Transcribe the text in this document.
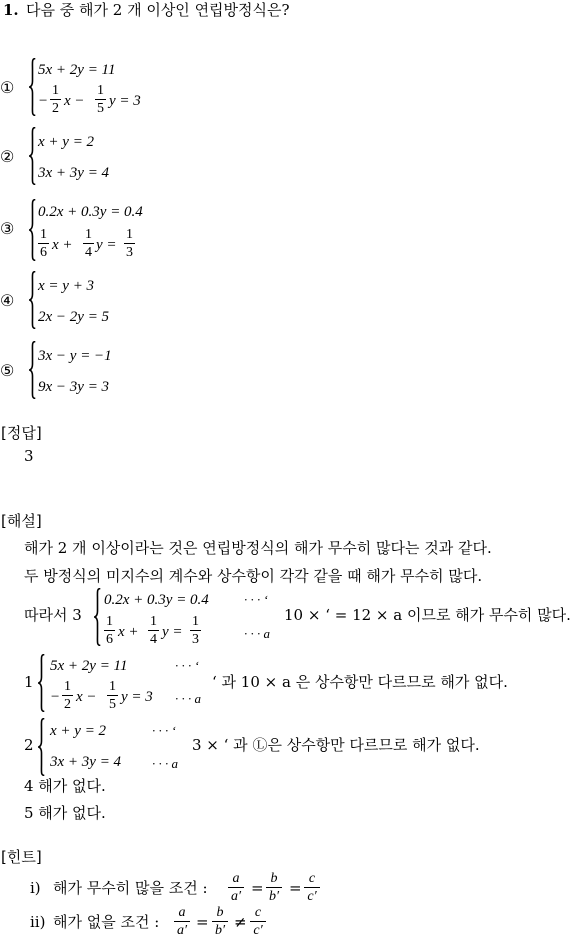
1. 다음 중 해가 2 개 이상인 연립방정식은?
①
5x + 2y = 11
−
1
2 x −
1
5 y = 3
②
x + y = 2
3x + 3y = 4
③
0.2x + 0.3y = 0.4
1
6 x +
1
4 y =
1
3
④
x = y + 3
2x − 2y = 5
⑤
3x − y = −1
9x − 3y = 3
[정답]
3
[해설]
해가 2 개 이상이라는 것은 연립방정식의 해가 무수히 많다는 것과 같다.
두 방정식의 미지수의 계수와 상수항이 각각 같을 때 해가 무수히 많다.
따라서 3
0.2x + 0.3y = 0.4	· · · ‘
1
6 x +
1
4 y =
1
3	· · · a
10 × ‘ = 12 × a 이므로 해가 무수히 많다.
1
5x + 2y = 11	· · · ‘
−
1
2 x −
1
5 y = 3 · · · a
‘ 과 10 × a 은 상수항만 다르므로 해가 없다.
2
x + y = 2	· · · ‘
3x + 3y = 4 · · · a
3 × ‘ 과 Ⓛ은 상수항만 다르므로 해가 없다.
4 해가 없다.
5 해가 없다.
[힌트]
ⅰ) 해가 무수히 많을 조건 :
a
a′ =
b
b′ =
c
c′
ⅱ) 해가 없을 조건 :
a
a′ =
b
b′ ≠
c
c′
